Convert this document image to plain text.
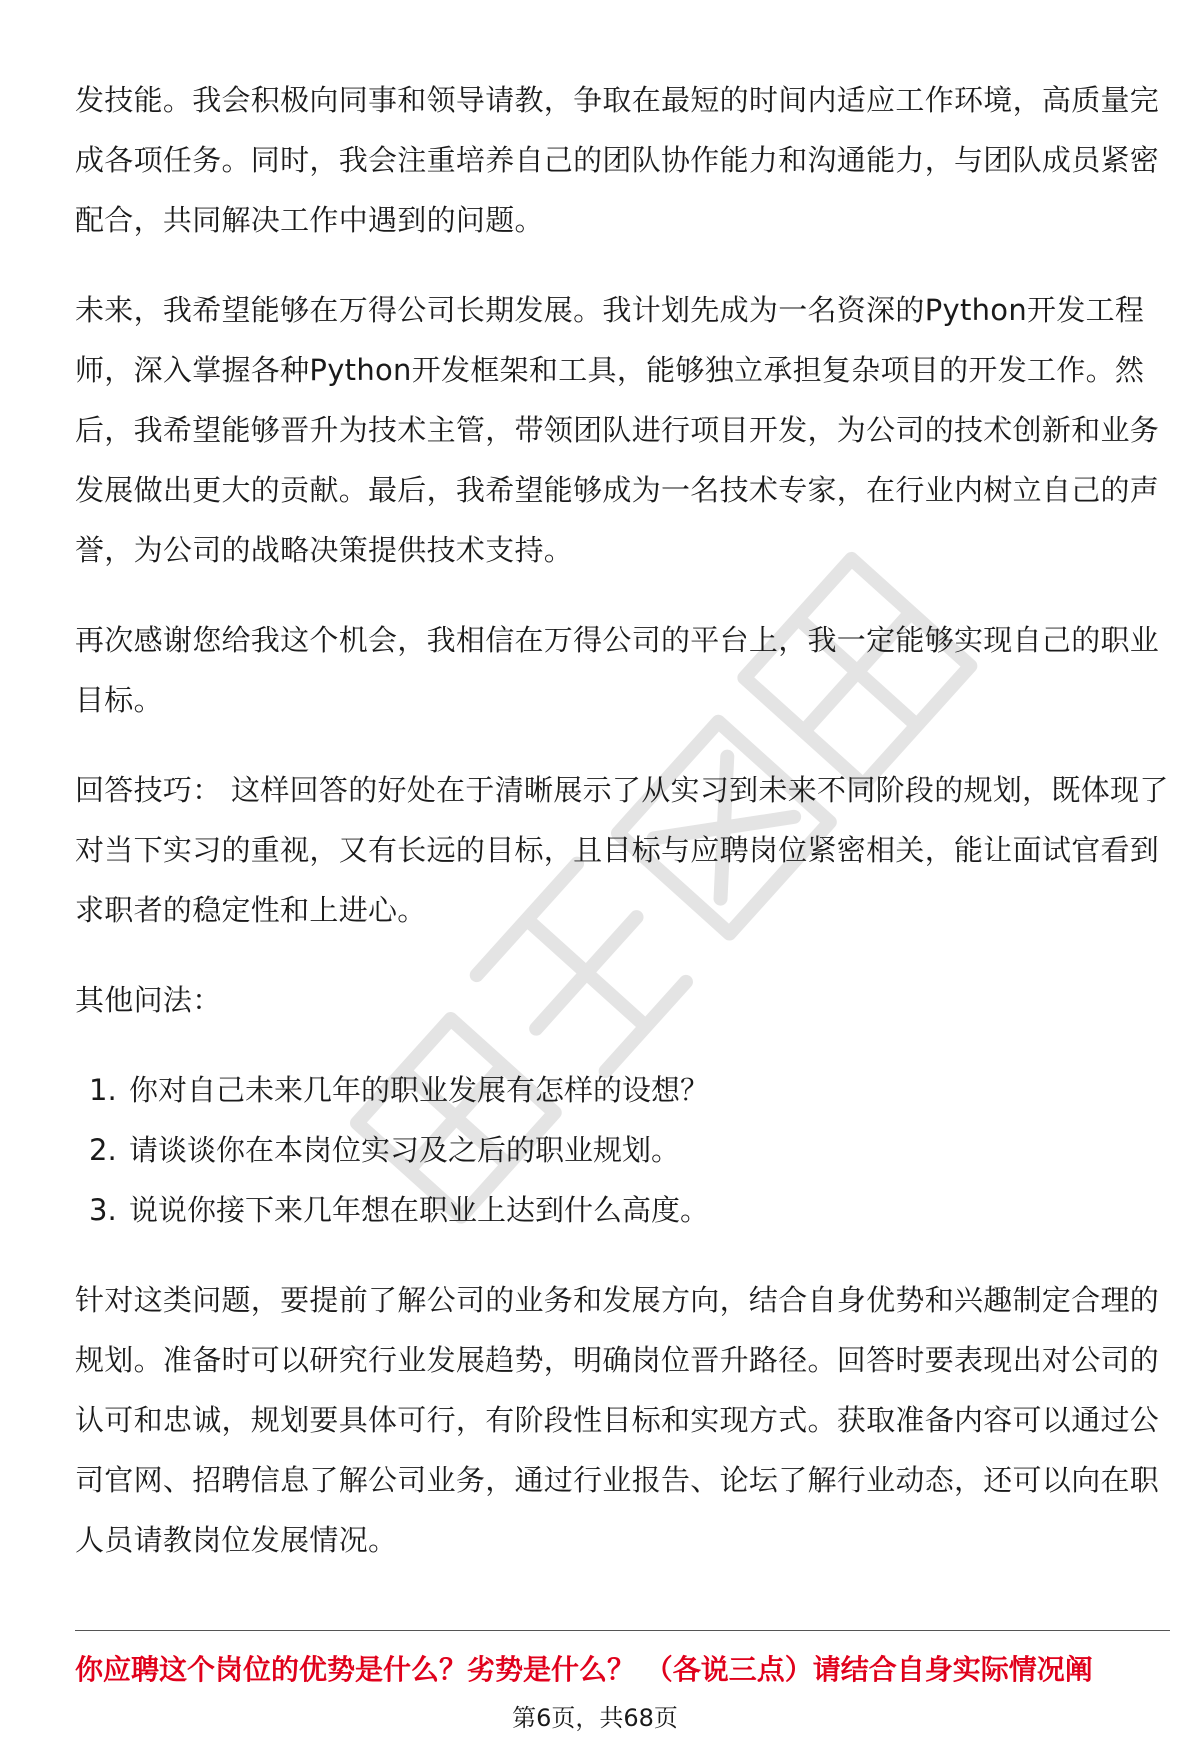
发技能。我会积极向同事和领导请教，争取在最短的时间内适应工作环境，高质量完成各项任务。同时，我会注重培养自己的团队协作能力和沟通能力，与团队成员紧密配合，共同解决工作中遇到的问题。

未来，我希望能够在万得公司长期发展。我计划先成为一名资深的Python开发工程师，深入掌握各种Python开发框架和工具，能够独立承担复杂项目的开发工作。然后，我希望能够晋升为技术主管，带领团队进行项目开发，为公司的技术创新和业务发展做出更大的贡献。最后，我希望能够成为一名技术专家，在行业内树立自己的声誉，为公司的战略决策提供技术支持。

再次感谢您给我这个机会，我相信在万得公司的平台上，我一定能够实现自己的职业目标。

回答技巧： 这样回答的好处在于清晰展示了从实习到未来不同阶段的规划，既体现了对当下实习的重视，又有长远的目标，且目标与应聘岗位紧密相关，能让面试官看到求职者的稳定性和上进心。

其他问法：

1. 你对自己未来几年的职业发展有怎样的设想？
2. 请谈谈你在本岗位实习及之后的职业规划。
3. 说说你接下来几年想在职业上达到什么高度。

针对这类问题，要提前了解公司的业务和发展方向，结合自身优势和兴趣制定合理的规划。准备时可以研究行业发展趋势，明确岗位晋升路径。回答时要表现出对公司的认可和忠诚，规划要具体可行，有阶段性目标和实现方式。获取准备内容可以通过公司官网、招聘信息了解公司业务，通过行业报告、论坛了解行业动态，还可以向在职人员请教岗位发展情况。

你应聘这个岗位的优势是什么？劣势是什么？ （各说三点）请结合自身实际情况阐
第6页，共68页
